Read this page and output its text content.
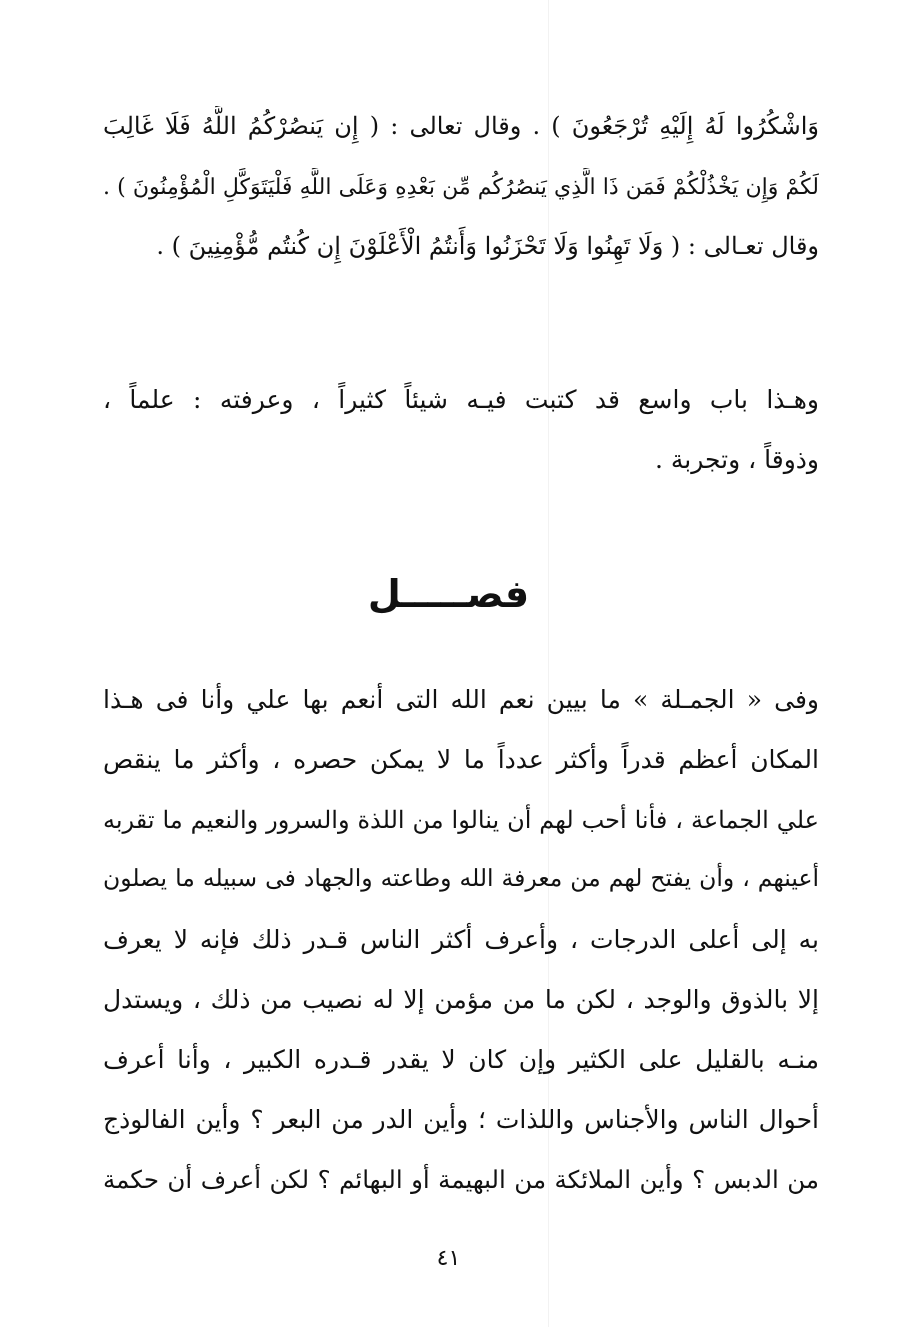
وَاشْكُرُوا لَهُ إِلَيْهِ تُرْجَعُونَ ) . وقال تعالى : ( إِن يَنصُرْكُمُ اللَّهُ فَلَا غَالِبَ
لَكُمْ وَإِن يَخْذُلْكُمْ فَمَن ذَا الَّذِي يَنصُرُكُم مِّن بَعْدِهِ وَعَلَى اللَّهِ فَلْيَتَوَكَّلِ الْمُؤْمِنُونَ ) .
وقال تعـالى : ( وَلَا تَهِنُوا وَلَا تَحْزَنُوا وَأَنتُمُ الْأَعْلَوْنَ إِن كُنتُم مُّؤْمِنِينَ ) .
وهـذا باب واسع قد كتبت فيـه شيئاً كثيراً ، وعرفته : علماً ،
وذوقاً ، وتجربة .
فصـــــل
وفى « الجمـلة » ما بيين نعم الله التى أنعم بها علي وأنا فى هـذا
المكان أعظم قدراً وأكثر عدداً ما لا يمكن حصره ، وأكثر ما ينقص
علي الجماعة ، فأنا أحب لهم أن ينالوا من اللذة والسرور والنعيم ما تقربه
أعينهم ، وأن يفتح لهم من معرفة الله وطاعته والجهاد فى سبيله ما يصلون
به إلى أعلى الدرجات ، وأعرف أكثر الناس قـدر ذلك فإنه لا يعرف
إلا بالذوق والوجد ، لكن ما من مؤمن إلا له نصيب من ذلك ، ويستدل
منـه بالقليل على الكثير وإن كان لا يقدر قـدره الكبير ، وأنا أعرف
أحوال الناس والأجناس واللذات ؛ وأين الدر من البعر ؟ وأين الفالوذج
من الدبس ؟ وأين الملائكة من البهيمة أو البهائم ؟ لكن أعرف أن حكمة
٤١
